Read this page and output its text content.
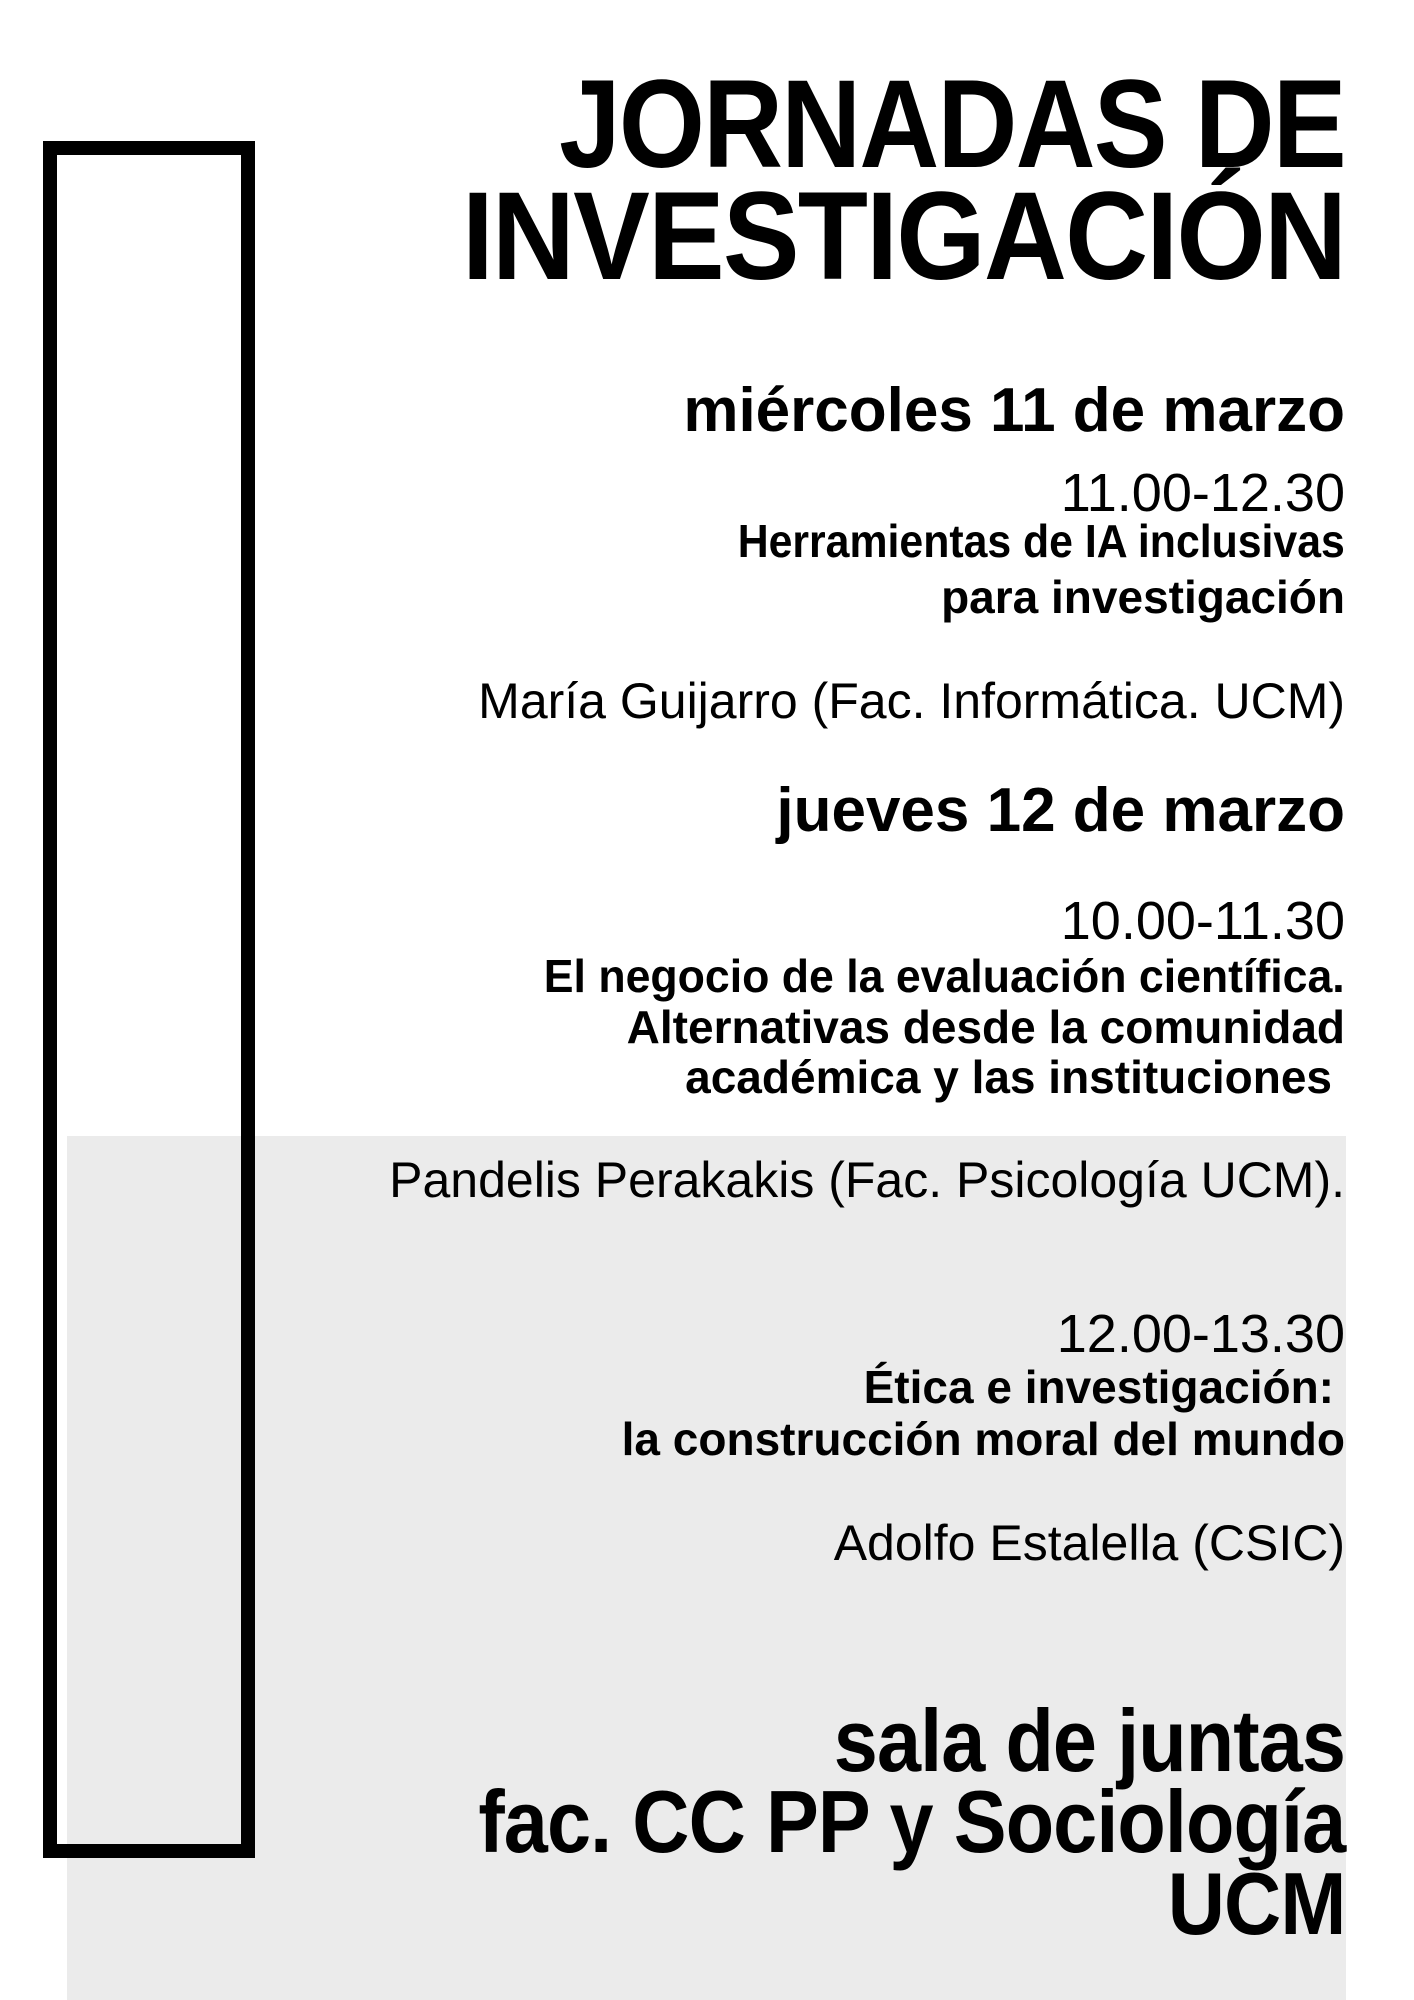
JORNADAS DE
INVESTIGACIÓN
miércoles 11 de marzo
11.00-12.30
Herramientas de IA inclusivas
para investigación
María Guijarro (Fac. Informática. UCM)
jueves 12 de marzo
10.00-11.30
El negocio de la evaluación científica.
Alternativas desde la comunidad
académica y las instituciones
Pandelis Perakakis (Fac. Psicología UCM).
12.00-13.30
Ética e investigación:
la construcción moral del mundo
Adolfo Estalella (CSIC)
sala de juntas
fac. CC PP y Sociología
UCM
